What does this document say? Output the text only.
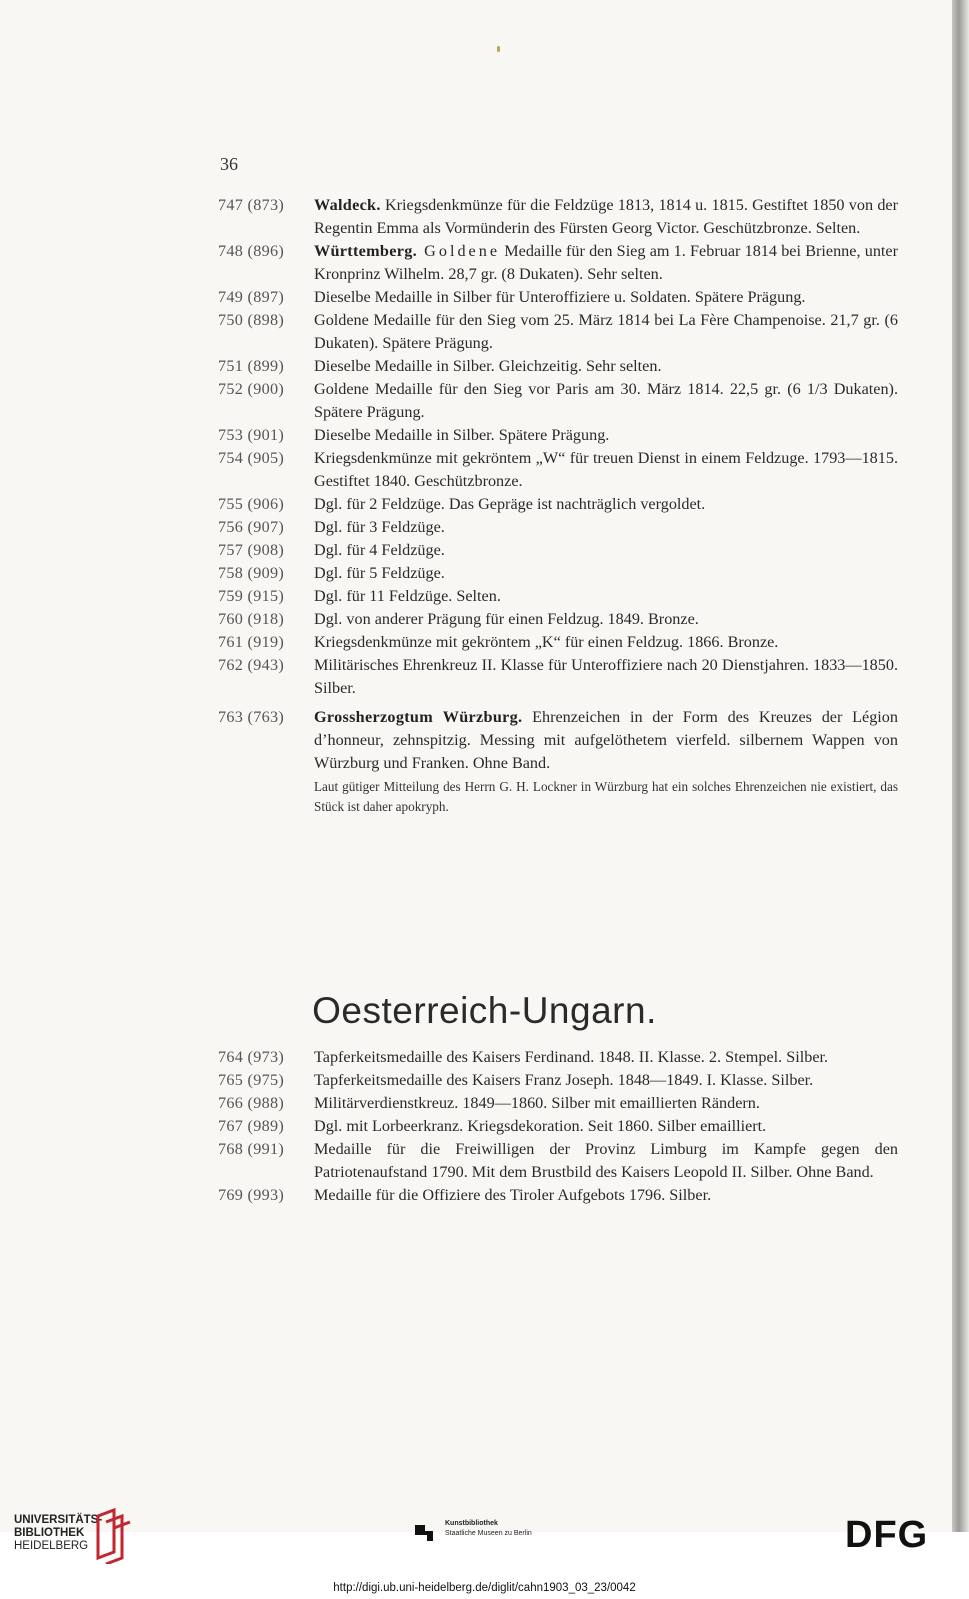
36
747 (873)	Waldeck. Kriegsdenkmünze für die Feldzüge 1813, 1814 u. 1815. Gestiftet 1850 von der Regentin Emma als Vormünderin des Fürsten Georg Victor. Geschützbronze. Selten.
748 (896)	Württemberg. Goldene Medaille für den Sieg am 1. Februar 1814 bei Brienne, unter Kronprinz Wilhelm. 28,7 gr. (8 Dukaten). Sehr selten.
749 (897)	Dieselbe Medaille in Silber für Unteroffiziere u. Soldaten. Spätere Prägung.
750 (898)	Goldene Medaille für den Sieg vom 25. März 1814 bei La Fère Champenoise. 21,7 gr. (6 Dukaten). Spätere Prägung.
751 (899)	Dieselbe Medaille in Silber. Gleichzeitig. Sehr selten.
752 (900)	Goldene Medaille für den Sieg vor Paris am 30. März 1814. 22,5 gr. (6 1/3 Dukaten). Spätere Prägung.
753 (901)	Dieselbe Medaille in Silber. Spätere Prägung.
754 (905)	Kriegsdenkmünze mit gekröntem „W“ für treuen Dienst in einem Feldzuge. 1793—1815. Gestiftet 1840. Geschützbronze.
755 (906)	Dgl. für 2 Feldzüge. Das Gepräge ist nachträglich vergoldet.
756 (907)	Dgl. für 3 Feldzüge.
757 (908)	Dgl. für 4 Feldzüge.
758 (909)	Dgl. für 5 Feldzüge.
759 (915)	Dgl. für 11 Feldzüge. Selten.
760 (918)	Dgl. von anderer Prägung für einen Feldzug. 1849. Bronze.
761 (919)	Kriegsdenkmünze mit gekröntem „K“ für einen Feldzug. 1866. Bronze.
762 (943)	Militärisches Ehrenkreuz II. Klasse für Unteroffiziere nach 20 Dienstjahren. 1833—1850. Silber.
763 (763)	Grossherzogtum Würzburg. Ehrenzeichen in der Form des Kreuzes der Légion d’honneur, zehnspitzig. Messing mit aufgelöthetem vierfeld. silbernem Wappen von Würzburg und Franken. Ohne Band.
Laut gütiger Mitteilung des Herrn G. H. Lockner in Würzburg hat ein solches Ehrenzeichen nie existiert, das Stück ist daher apokryph.
Oesterreich-Ungarn.
764 (973)	Tapferkeitsmedaille des Kaisers Ferdinand. 1848. II. Klasse. 2. Stempel. Silber.
765 (975)	Tapferkeitsmedaille des Kaisers Franz Joseph. 1848—1849. I. Klasse. Silber.
766 (988)	Militärverdienstkreuz. 1849—1860. Silber mit emaillierten Rändern.
767 (989)	Dgl. mit Lorbeerkranz. Kriegsdekoration. Seit 1860. Silber emailliert.
768 (991)	Medaille für die Freiwilligen der Provinz Limburg im Kampfe gegen den Patriotenaufstand 1790. Mit dem Brustbild des Kaisers Leopold II. Silber. Ohne Band.
769 (993)	Medaille für die Offiziere des Tiroler Aufgebots 1796. Silber.
UNIVERSITÄTS-
BIBLIOTHEK
HEIDELBERG
Kunstbibliothek
Staatliche Museen zu Berlin	DFG
http://digi.ub.uni-heidelberg.de/diglit/cahn1903_03_23/0042
